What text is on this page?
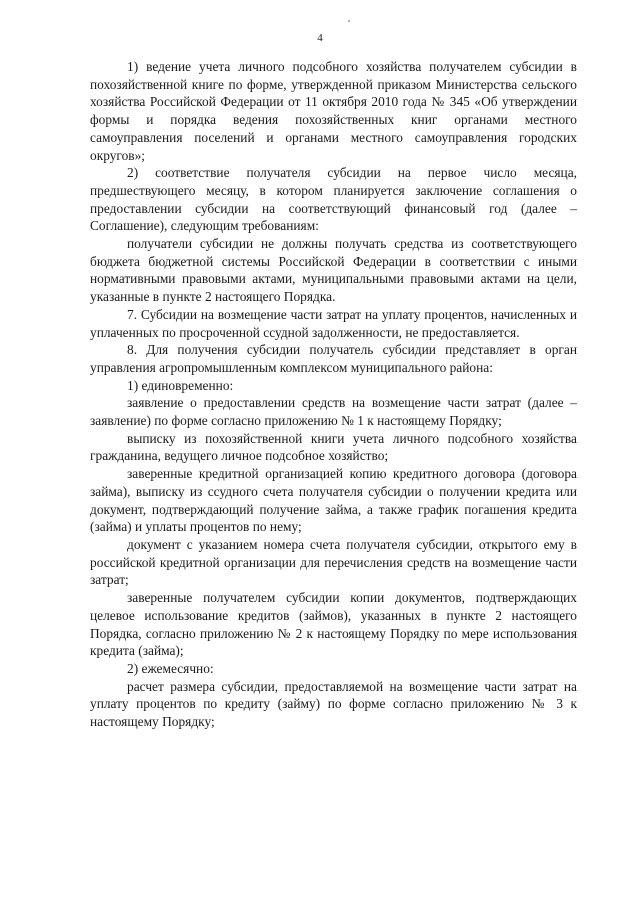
4

1) ведение учета личного подсобного хозяйства получателем субсидии в похозяйственной книге по форме, утвержденной приказом Министерства сельского хозяйства Российской Федерации от 11 октября 2010 года № 345 «Об утверждении формы и порядка ведения похозяйственных книг органами местного самоуправления поселений и органами местного самоуправления городских округов»;

2) соответствие получателя субсидии на первое число месяца, предшествующего месяцу, в котором планируется заключение соглашения о предоставлении субсидии на соответствующий финансовый год (далее – Соглашение), следующим требованиям:

получатели субсидии не должны получать средства из соответствующего бюджета бюджетной системы Российской Федерации в соответствии с иными нормативными правовыми актами, муниципальными правовыми актами на цели, указанные в пункте 2 настоящего Порядка.

7. Субсидии на возмещение части затрат на уплату процентов, начисленных и уплаченных по просроченной ссудной задолженности, не предоставляется.

8. Для получения субсидии получатель субсидии представляет в орган управления агропромышленным комплексом муниципального района:

1) единовременно:

заявление о предоставлении средств на возмещение части затрат (далее – заявление) по форме согласно приложению № 1 к настоящему Порядку;

выписку из похозяйственной книги учета личного подсобного хозяйства гражданина, ведущего личное подсобное хозяйство;

заверенные кредитной организацией копию кредитного договора (договора займа), выписку из ссудного счета получателя субсидии о получении кредита или документ, подтверждающий получение займа, а также график погашения кредита (займа) и уплаты процентов по нему;

документ с указанием номера счета получателя субсидии, открытого ему в российской кредитной организации для перечисления средств на возмещение части затрат;

заверенные получателем субсидии копии документов, подтверждающих целевое использование кредитов (займов), указанных в пункте 2 настоящего Порядка, согласно приложению № 2 к настоящему Порядку по мере использования кредита (займа);

2) ежемесячно:

расчет размера субсидии, предоставляемой на возмещение части затрат на уплату процентов по кредиту (займу) по форме согласно приложению № 3 к настоящему Порядку;
